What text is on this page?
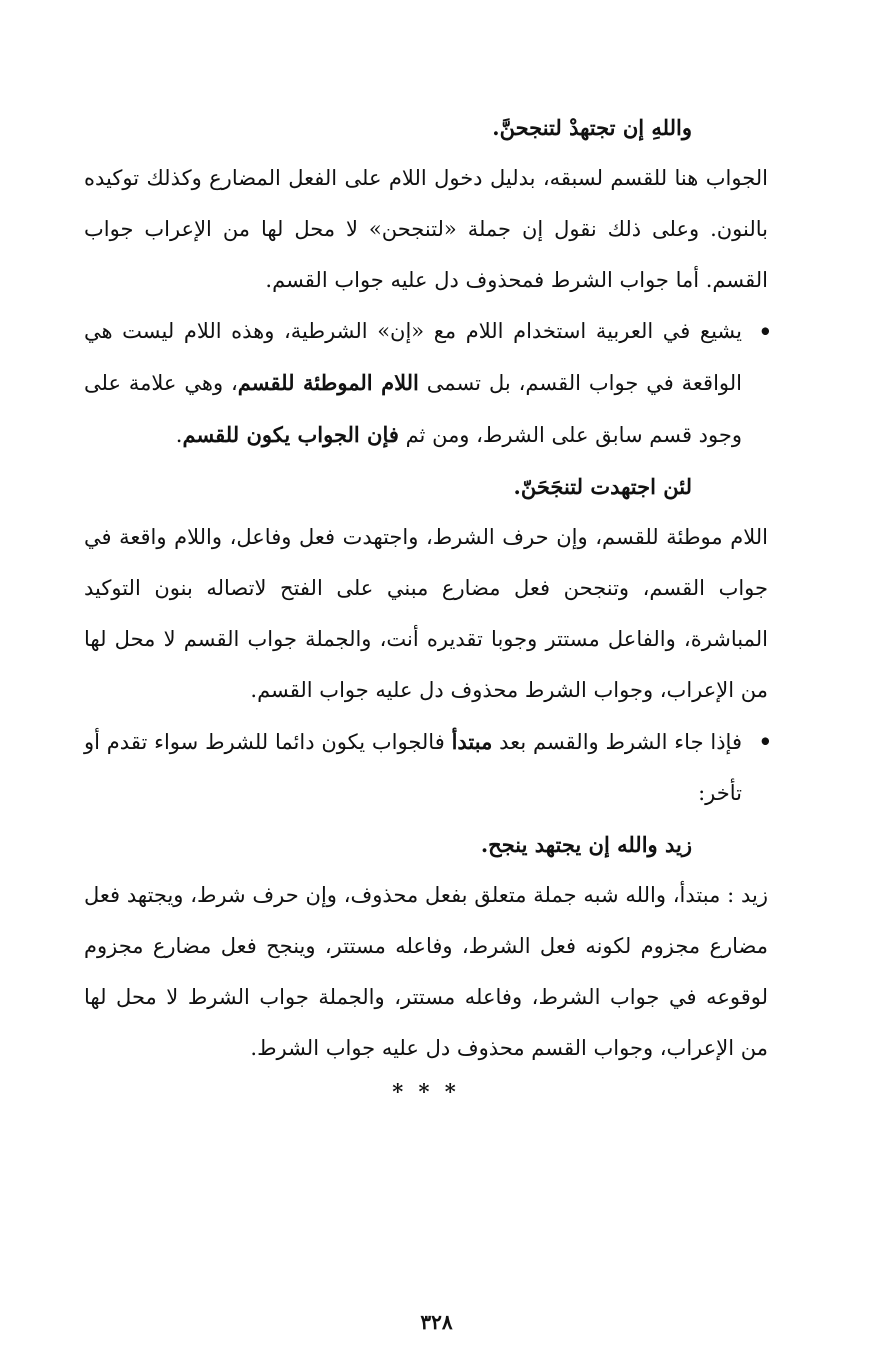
واللهِ إن تجتهدْ لتنجحنَّ.
الجواب هنا للقسم لسبقه، بدليل دخول اللام على الفعل المضارع وكذلك توكيده بالنون. وعلى ذلك نقول إن جملة «لتنجحن» لا محل لها من الإعراب جواب القسم. أما جواب الشرط فمحذوف دل عليه جواب القسم.
•
يشيع في العربية استخدام اللام مع «إن» الشرطية، وهذه اللام ليست هي الواقعة في جواب القسم، بل تسمى اللام الموطئة للقسم، وهي علامة على وجود قسم سابق على الشرط، ومن ثم فإن الجواب يكون للقسم.
لئن اجتهدت لتنجَحَنّ.
اللام موطئة للقسم، وإن حرف الشرط، واجتهدت فعل وفاعل، واللام واقعة في جواب القسم، وتنجحن فعل مضارع مبني على الفتح لاتصاله بنون التوكيد المباشرة، والفاعل مستتر وجوبا تقديره أنت، والجملة جواب القسم لا محل لها من الإعراب، وجواب الشرط محذوف دل عليه جواب القسم.
•
فإذا جاء الشرط والقسم بعد مبتدأ فالجواب يكون دائما للشرط سواء تقدم أو تأخر:
زيد والله إن يجتهد ينجح.
زيد : مبتدأ، والله شبه جملة متعلق بفعل محذوف، وإن حرف شرط، ويجتهد فعل مضارع مجزوم لكونه فعل الشرط، وفاعله مستتر، وينجح فعل مضارع مجزوم لوقوعه في جواب الشرط، وفاعله مستتر، والجملة جواب الشرط لا محل لها من الإعراب، وجواب القسم محذوف دل عليه جواب الشرط.
* * *
٣٢٨
